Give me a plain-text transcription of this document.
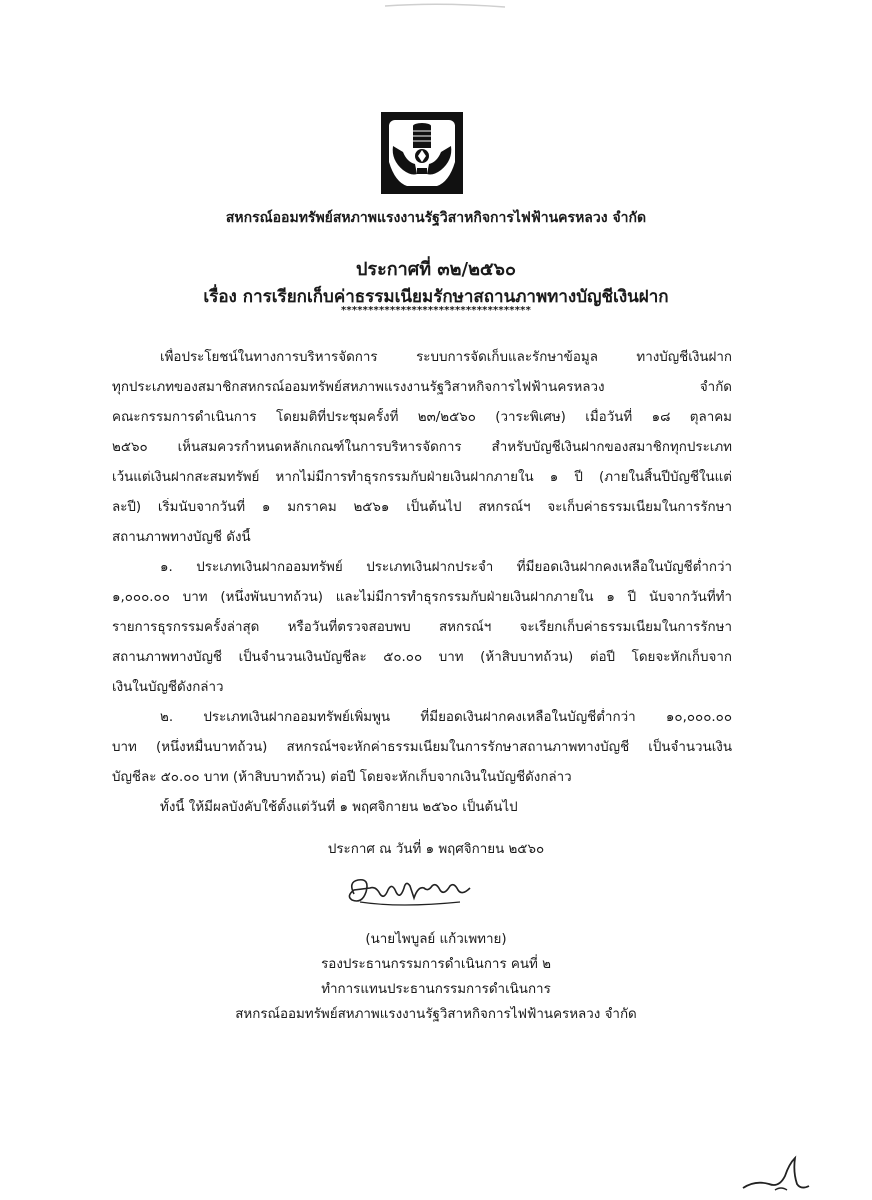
สหกรณ์ออมทรัพย์สหภาพแรงงานรัฐวิสาหกิจการไฟฟ้านครหลวง จำกัด
ประกาศที่ ๓๒/๒๕๖๐
เรื่อง การเรียกเก็บค่าธรรมเนียมรักษาสถานภาพทางบัญชีเงินฝาก
***********************************
เพื่อประโยชน์ในทางการบริหารจัดการ ระบบการจัดเก็บและรักษาข้อมูล ทางบัญชีเงินฝาก
ทุกประเภทของสมาชิกสหกรณ์ออมทรัพย์สหภาพแรงงานรัฐวิสาหกิจการไฟฟ้านครหลวง จำกัด
คณะกรรมการดำเนินการ โดยมติที่ประชุมครั้งที่ ๒๓/๒๕๖๐ (วาระพิเศษ) เมื่อวันที่ ๑๘ ตุลาคม
๒๕๖๐ เห็นสมควรกำหนดหลักเกณฑ์ในการบริหารจัดการ สำหรับบัญชีเงินฝากของสมาชิกทุกประเภท
เว้นแต่เงินฝากสะสมทรัพย์ หากไม่มีการทำธุรกรรมกับฝ่ายเงินฝากภายใน ๑ ปี (ภายในสิ้นปีบัญชีในแต่
ละปี) เริ่มนับจากวันที่ ๑ มกราคม ๒๕๖๑ เป็นต้นไป สหกรณ์ฯ จะเก็บค่าธรรมเนียมในการรักษา
สถานภาพทางบัญชี ดังนี้
๑. ประเภทเงินฝากออมทรัพย์ ประเภทเงินฝากประจำ ที่มียอดเงินฝากคงเหลือในบัญชีต่ำกว่า
๑,๐๐๐.๐๐ บาท (หนึ่งพันบาทถ้วน) และไม่มีการทำธุรกรรมกับฝ่ายเงินฝากภายใน ๑ ปี นับจากวันที่ทำ
รายการธุรกรรมครั้งล่าสุด หรือวันที่ตรวจสอบพบ สหกรณ์ฯ จะเรียกเก็บค่าธรรมเนียมในการรักษา
สถานภาพทางบัญชี เป็นจำนวนเงินบัญชีละ ๕๐.๐๐ บาท (ห้าสิบบาทถ้วน) ต่อปี โดยจะหักเก็บจาก
เงินในบัญชีดังกล่าว
๒. ประเภทเงินฝากออมทรัพย์เพิ่มพูน ที่มียอดเงินฝากคงเหลือในบัญชีต่ำกว่า ๑๐,๐๐๐.๐๐
บาท (หนึ่งหมื่นบาทถ้วน) สหกรณ์ฯจะหักค่าธรรมเนียมในการรักษาสถานภาพทางบัญชี เป็นจำนวนเงิน
บัญชีละ ๕๐.๐๐ บาท (ห้าสิบบาทถ้วน) ต่อปี โดยจะหักเก็บจากเงินในบัญชีดังกล่าว
ทั้งนี้ ให้มีผลบังคับใช้ตั้งแต่วันที่ ๑ พฤศจิกายน ๒๕๖๐ เป็นต้นไป
ประกาศ ณ วันที่ ๑ พฤศจิกายน ๒๕๖๐
(นายไพบูลย์ แก้วเพทาย)
รองประธานกรรมการดำเนินการ คนที่ ๒
ทำการแทนประธานกรรมการดำเนินการ
สหกรณ์ออมทรัพย์สหภาพแรงงานรัฐวิสาหกิจการไฟฟ้านครหลวง จำกัด
